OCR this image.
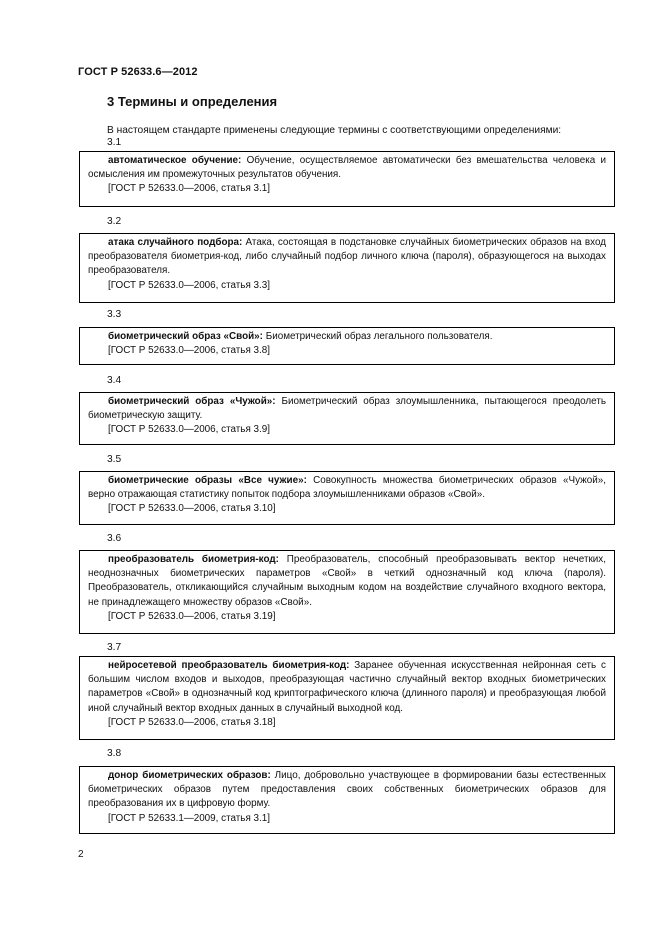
ГОСТ Р 52633.6—2012
3 Термины и определения
В настоящем стандарте применены следующие термины с соответствующими определениями:
3.1

автоматическое обучение: Обучение, осуществляемое автоматически без вмешательства человека и осмысления им промежуточных результатов обучения.

[ГОСТ Р 52633.0—2006, статья 3.1]

3.2

атака случайного подбора: Атака, состоящая в подстановке случайных биометрических образов на вход преобразователя биометрия-код, либо случайный подбор личного ключа (пароля), образующегося на выходах преобразователя.

[ГОСТ Р 52633.0—2006, статья 3.3]

3.3

биометрический образ «Свой»: Биометрический образ легального пользователя.

[ГОСТ Р 52633.0—2006, статья 3.8]

3.4

биометрический образ «Чужой»: Биометрический образ злоумышленника, пытающегося преодолеть биометрическую защиту.

[ГОСТ Р 52633.0—2006, статья 3.9]

3.5

биометрические образы «Все чужие»: Совокупность множества биометрических образов «Чужой», верно отражающая статистику попыток подбора злоумышленниками образов «Свой».

[ГОСТ Р 52633.0—2006, статья 3.10]

3.6

преобразователь биометрия-код: Преобразователь, способный преобразовывать вектор нечетких, неоднозначных биометрических параметров «Свой» в четкий однозначный код ключа (пароля). Преобразователь, откликающийся случайным выходным кодом на воздействие случайного входного вектора, не принадлежащего множеству образов «Свой».

[ГОСТ Р 52633.0—2006, статья 3.19]

3.7

нейросетевой преобразователь биометрия-код: Заранее обученная искусственная нейронная сеть с большим числом входов и выходов, преобразующая частично случайный вектор входных биометрических параметров «Свой» в однозначный код криптографического ключа (длинного пароля) и преобразующая любой иной случайный вектор входных данных в случайный выходной код.

[ГОСТ Р 52633.0—2006, статья 3.18]

3.8

донор биометрических образов: Лицо, добровольно участвующее в формировании базы естественных биометрических образов путем предоставления своих собственных биометрических образов для преобразования их в цифровую форму.

[ГОСТ Р 52633.1—2009, статья 3.1]

2
